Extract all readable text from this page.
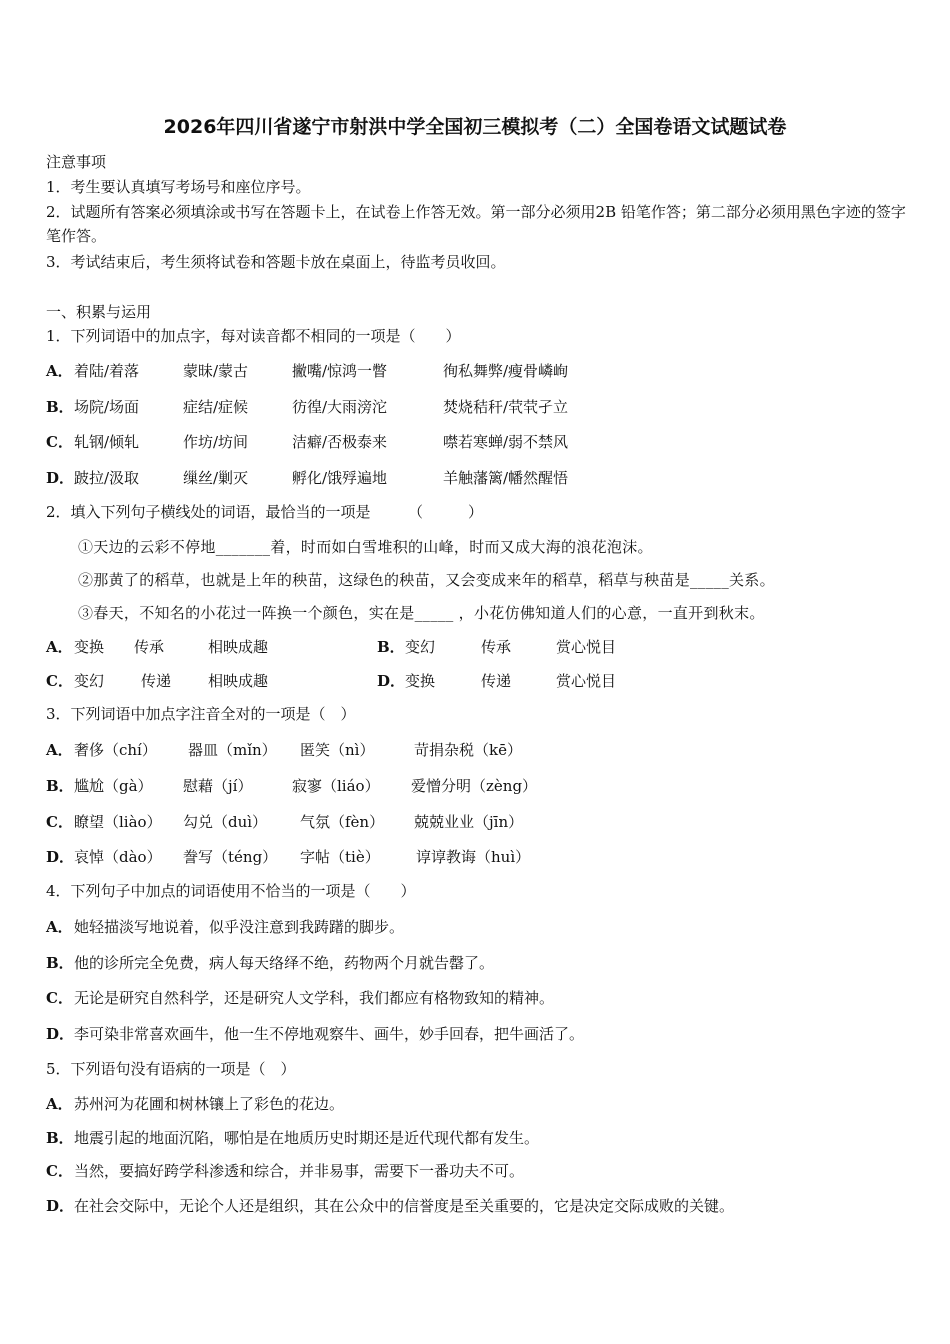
2026年四川省遂宁市射洪中学全国初三模拟考（二）全国卷语文试题试卷
注意事项
1．考生要认真填写考场号和座位序号。
2．试题所有答案必须填涂或书写在答题卡上，在试卷上作答无效。第一部分必须用2B 铅笔作答；第二部分必须用黑色字迹的签字笔作答。
3．考试结束后，考生须将试卷和答题卡放在桌面上，待监考员收回。
一、积累与运用
1．下列词语中的加点字，每对读音都不相同的一项是（　　）
A． 着陆/着落	蒙昧/蒙古	撇嘴/惊鸿一瞥	徇私舞弊/瘦骨嶙峋
B． 场院/场面	症结/症候	彷徨/大雨滂沱	焚烧秸秆/茕茕孑立
C． 轧钢/倾轧	作坊/坊间	洁癖/否极泰来	噤若寒蝉/弱不禁风
D． 跛拉/汲取	缫丝/剿灭	孵化/饿殍遍地	羊触藩篱/幡然醒悟
2．填入下列句子横线处的词语，最恰当的一项是　　　（　　　）
①天边的云彩不停地_______着，时而如白雪堆积的山峰，时而又成大海的浪花泡沫。
②那黄了的稻草，也就是上年的秧苗，这绿色的秧苗，又会变成来年的稻草，稻草与秧苗是_____关系。
③春天，不知名的小花过一阵换一个颜色，实在是_____ ，小花仿佛知道人们的心意，一直开到秋末。
A． 变换 传承	相映成趣	B． 变幻	传承	赏心悦目
C． 变幻 传递 相映成趣	D． 变换	传递	赏心悦目
3．下列词语中加点字注音全对的一项是（　）
A． 奢侈（chí） 器皿（mǐn） 匿笑（nì）	苛捐杂税（kē）
B． 尴尬（gà） 慰藉（jí）	寂寥（liáo） 爱憎分明（zèng）
C． 瞭望（liào） 勾兑（duì） 气氛（fèn） 兢兢业业（jīn）
D． 哀悼（dào） 誊写（téng） 字帖（tiè） 谆谆教诲（huì）
4．下列句子中加点的词语使用不恰当的一项是（　　）
A．她轻描淡写地说着，似乎没注意到我踌躇的脚步。
B．他的诊所完全免费，病人每天络绎不绝，药物两个月就告罄了。
C．无论是研究自然科学，还是研究人文学科，我们都应有格物致知的精神。
D．李可染非常喜欢画牛，他一生不停地观察牛、画牛，妙手回春，把牛画活了。
5．下列语句没有语病的一项是（　）
A．苏州河为花圃和树林镶上了彩色的花边。
B．地震引起的地面沉陷，哪怕是在地质历史时期还是近代现代都有发生。
C．当然，要搞好跨学科渗透和综合，并非易事，需要下一番功夫不可。
D．在社会交际中，无论个人还是组织，其在公众中的信誉度是至关重要的，它是决定交际成败的关键。
